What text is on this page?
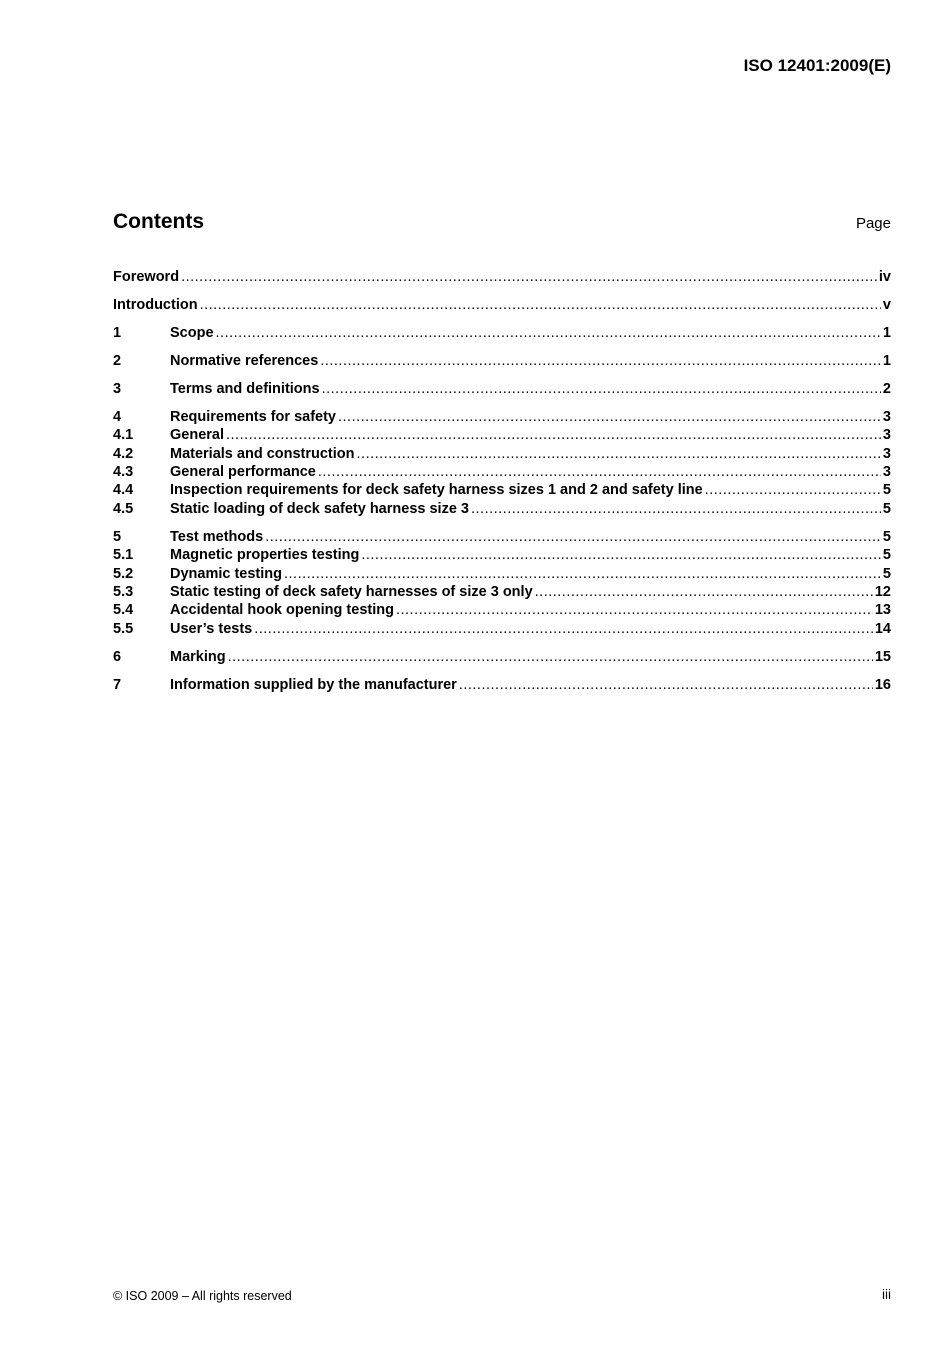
ISO 12401:2009(E)
Contents	Page
Foreword .....	iv
Introduction .....	v
1	Scope .....	1
2	Normative references .....	1
3	Terms and definitions .....	2
4	Requirements for safety .....	3
4.1	General .....	3
4.2	Materials and construction .....	3
4.3	General performance .....	3
4.4	Inspection requirements for deck safety harness sizes 1 and 2 and safety line .....	5
4.5	Static loading of deck safety harness size 3 .....	5
5	Test methods .....	5
5.1	Magnetic properties testing .....	5
5.2	Dynamic testing .....	5
5.3	Static testing of deck safety harnesses of size 3 only .....	12
5.4	Accidental hook opening testing .....	13
5.5	User’s tests .....	14
6	Marking .....	15
7	Information supplied by the manufacturer .....	16
© ISO 2009 – All rights reserved	iii
